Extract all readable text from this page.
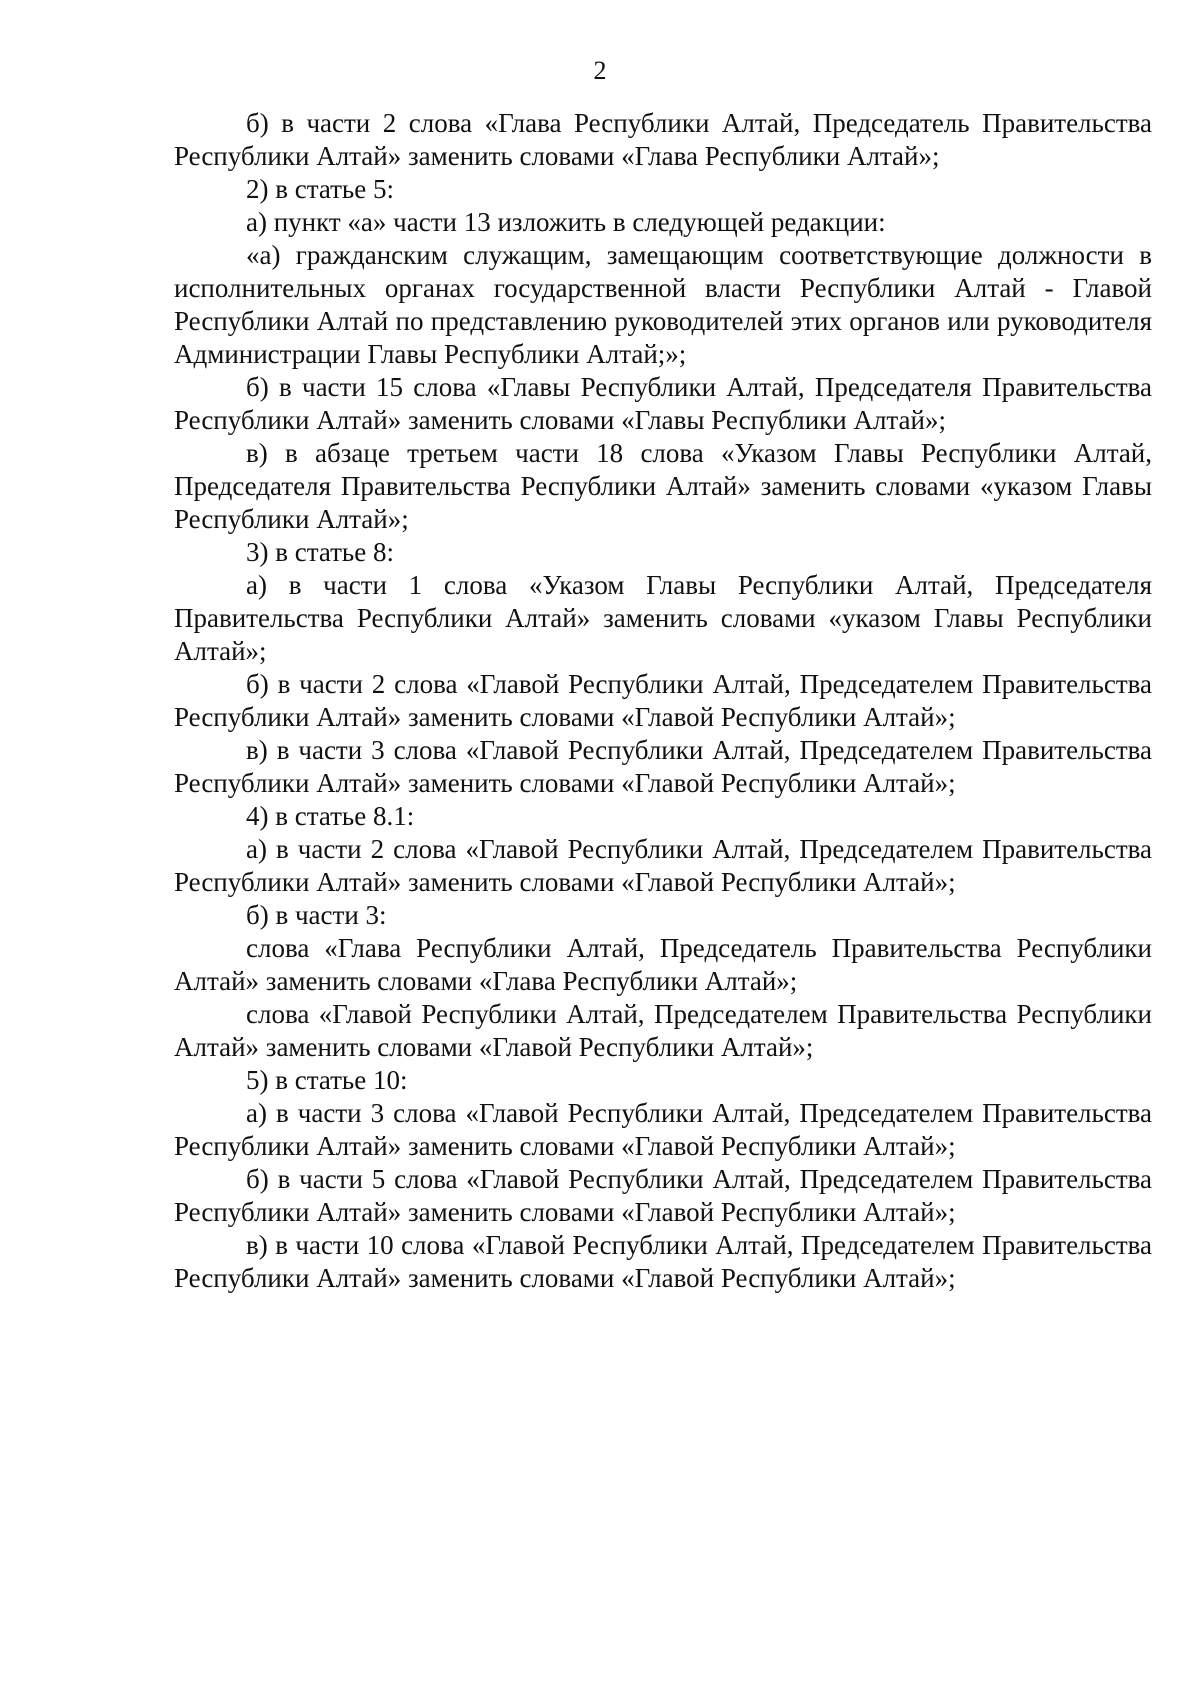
2

б) в части 2 слова «Глава Республики Алтай, Председатель Правительства Республики Алтай» заменить словами «Глава Республики Алтай»;

2) в статье 5:

а) пункт «а» части 13 изложить в следующей редакции:

«а) гражданским служащим, замещающим соответствующие должности в исполнительных органах государственной власти Республики Алтай - Главой Республики Алтай по представлению руководителей этих органов или руководителя Администрации Главы Республики Алтай;»;

б) в части 15 слова «Главы Республики Алтай, Председателя Правительства Республики Алтай» заменить словами «Главы Республики Алтай»;

в) в абзаце третьем части 18 слова «Указом Главы Республики Алтай, Председателя Правительства Республики Алтай» заменить словами «указом Главы Республики Алтай»;

3) в статье 8:

а) в части 1 слова «Указом Главы Республики Алтай, Председателя Правительства Республики Алтай» заменить словами «указом Главы Республики Алтай»;

б) в части 2 слова «Главой Республики Алтай, Председателем Правительства Республики Алтай» заменить словами «Главой Республики Алтай»;

в) в части 3 слова «Главой Республики Алтай, Председателем Правительства Республики Алтай» заменить словами «Главой Республики Алтай»;

4) в статье 8.1:

а) в части 2 слова «Главой Республики Алтай, Председателем Правительства Республики Алтай» заменить словами «Главой Республики Алтай»;

б) в части 3:

слова «Глава Республики Алтай, Председатель Правительства Республики Алтай» заменить словами «Глава Республики Алтай»;

слова «Главой Республики Алтай, Председателем Правительства Республики Алтай» заменить словами «Главой Республики Алтай»;

5) в статье 10:

а) в части 3 слова «Главой Республики Алтай, Председателем Правительства Республики Алтай» заменить словами «Главой Республики Алтай»;

б) в части 5 слова «Главой Республики Алтай, Председателем Правительства Республики Алтай» заменить словами «Главой Республики Алтай»;

в) в части 10 слова «Главой Республики Алтай, Председателем Правительства Республики Алтай» заменить словами «Главой Республики Алтай»;
